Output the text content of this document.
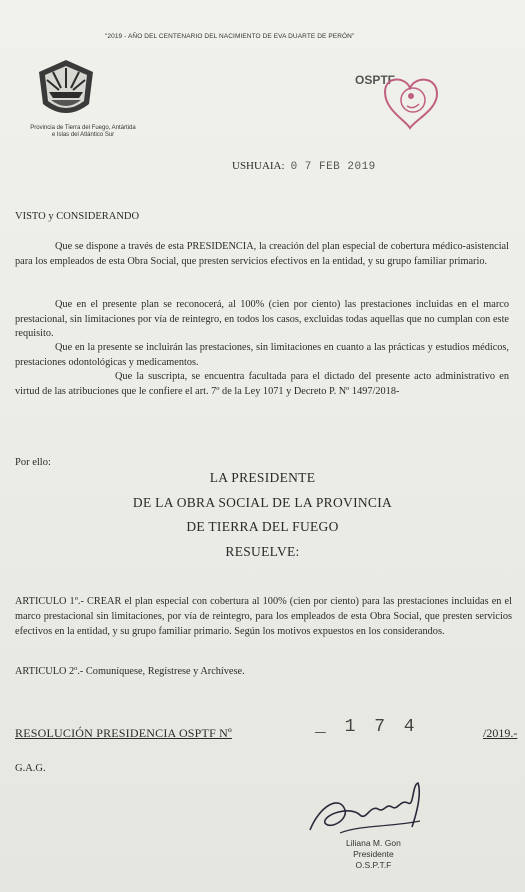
"2019 - AÑO DEL CENTENARIO DEL NACIMIENTO DE EVA DUARTE DE PERÓN"
Provincia de Tierra del Fuego, Antártida
e Islas del Atlántico Sur
OSPTF
USHUAIA: 0 7 FEB 2019
VISTO y CONSIDERANDO
Que se dispone a través de esta PRESIDENCIA, la creación del plan especial de cobertura médico-asistencial para los empleados de esta Obra Social, que presten servicios efectivos en la entidad, y su grupo familiar primario.
Que en el presente plan se reconocerá, al 100% (cien por ciento) las prestaciones incluidas en el marco prestacional, sin limitaciones por vía de reintegro, en todos los casos, excluidas todas aquellas que no cumplan con este requisito.
Que en la presente se incluirán las prestaciones, sin limitaciones en cuanto a las prácticas y estudios médicos, prestaciones odontológicas y medicamentos.
Que la suscripta, se encuentra facultada para el dictado del presente acto administrativo en virtud de las atribuciones que le confiere el art. 7º de la Ley 1071 y Decreto P. Nº 1497/2018-
Por ello:
LA PRESIDENTE
DE LA OBRA SOCIAL DE LA PROVINCIA
DE TIERRA DEL FUEGO
RESUELVE:
ARTICULO 1º.- CREAR el plan especial con cobertura al 100% (cien por ciento) para las prestaciones incluidas en el marco prestacional sin limitaciones, por vía de reintegro, para los empleados de esta Obra Social, que presten servicios efectivos en la entidad, y su grupo familiar primario. Según los motivos expuestos en los considerandos.
ARTICULO 2º.- Comuníquese, Regístrese y Archívese.
RESOLUCIÓN PRESIDENCIA OSPTF Nº	_ 1 7 4	/2019.-
G.A.G.
Liliana M. Gon
Presidente
O.S.P.T.F
